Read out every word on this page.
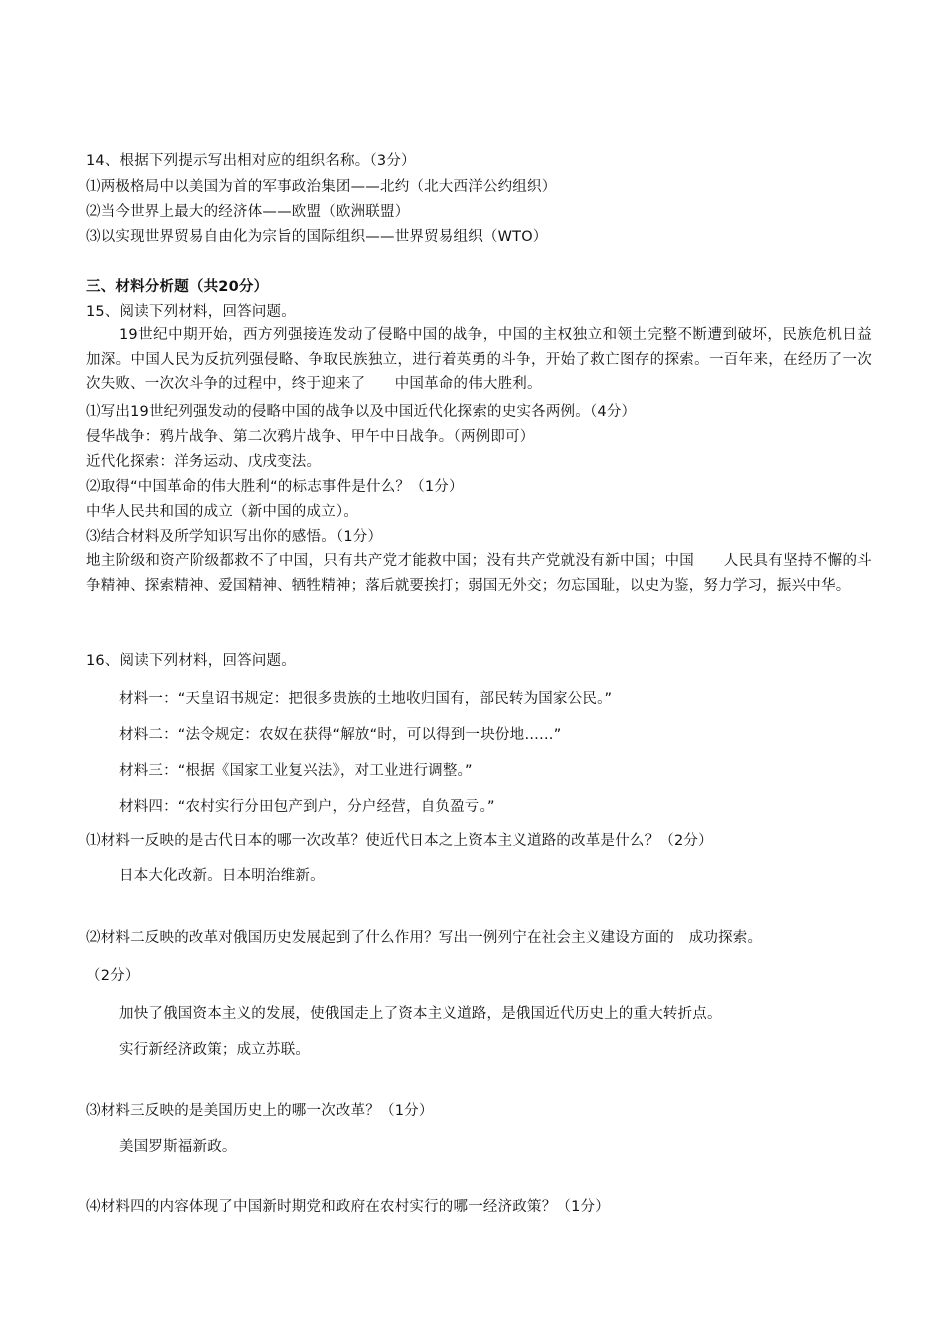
14、根据下列提示写出相对应的组织名称。（3分）
⑴两极格局中以美国为首的军事政治集团——北约（北大西洋公约组织）
⑵当今世界上最大的经济体——欧盟（欧洲联盟）
⑶以实现世界贸易自由化为宗旨的国际组织——世界贸易组织（WTO）
三、材料分析题（共20分）
15、阅读下列材料，回答问题。
19世纪中期开始，西方列强接连发动了侵略中国的战争，中国的主权独立和领土完整不断遭到破坏，民族危机日益加深。中国人民为反抗列强侵略、争取民族独立，进行着英勇的斗争，开始了救亡图存的探索。一百年来，在经历了一次次失败、一次次斗争的过程中，终于迎来了　　中国革命的伟大胜利。
⑴写出19世纪列强发动的侵略中国的战争以及中国近代化探索的史实各两例。（4分）
侵华战争：鸦片战争、第二次鸦片战争、甲午中日战争。（两例即可）
近代化探索：洋务运动、戊戌变法。
⑵取得“中国革命的伟大胜利“的标志事件是什么？（1分）
中华人民共和国的成立（新中国的成立）。
⑶结合材料及所学知识写出你的感悟。（1分）
地主阶级和资产阶级都救不了中国，只有共产党才能救中国；没有共产党就没有新中国；中国　　人民具有坚持不懈的斗争精神、探索精神、爱国精神、牺牲精神；落后就要挨打；弱国无外交；勿忘国耻，以史为鉴，努力学习，振兴中华。
16、阅读下列材料，回答问题。
材料一：“天皇诏书规定：把很多贵族的土地收归国有，部民转为国家公民。”
材料二：“法令规定：农奴在获得“解放“时，可以得到一块份地……”
材料三：“根据《国家工业复兴法》，对工业进行调整。”
材料四：“农村实行分田包产到户，分户经营，自负盈亏。”
⑴材料一反映的是古代日本的哪一次改革？使近代日本之上资本主义道路的改革是什么？（2分）
日本大化改新。日本明治维新。
⑵材料二反映的改革对俄国历史发展起到了什么作用？写出一例列宁在社会主义建设方面的　成功探索。
（2分）
加快了俄国资本主义的发展，使俄国走上了资本主义道路，是俄国近代历史上的重大转折点。
实行新经济政策；成立苏联。
⑶材料三反映的是美国历史上的哪一次改革？（1分）
美国罗斯福新政。
⑷材料四的内容体现了中国新时期党和政府在农村实行的哪一经济政策？（1分）
